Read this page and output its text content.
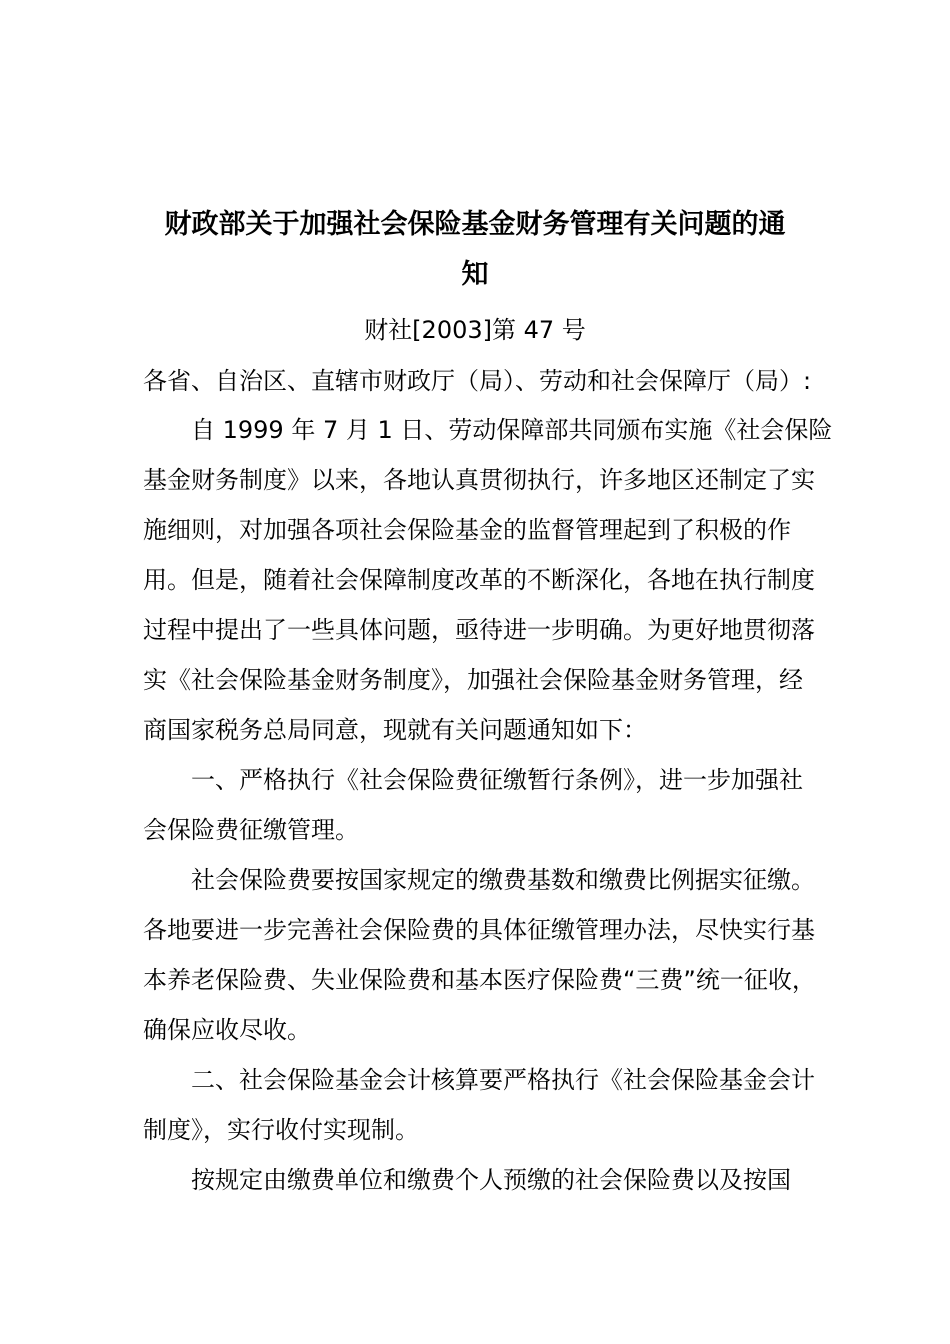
财政部关于加强社会保险基金财务管理有关问题的通
知
财社[2003]第 47 号
各省、自治区、直辖市财政厅（局）、劳动和社会保障厅（局）:
自 1999 年 7 月 1 日、劳动保障部共同颁布实施《社会保险
基金财务制度》以来，各地认真贯彻执行，许多地区还制定了实
施细则，对加强各项社会保险基金的监督管理起到了积极的作
用。但是，随着社会保障制度改革的不断深化，各地在执行制度
过程中提出了一些具体问题，亟待进一步明确。为更好地贯彻落
实《社会保险基金财务制度》，加强社会保险基金财务管理，经
商国家税务总局同意，现就有关问题通知如下：
一、严格执行《社会保险费征缴暂行条例》，进一步加强社
会保险费征缴管理。
社会保险费要按国家规定的缴费基数和缴费比例据实征缴。
各地要进一步完善社会保险费的具体征缴管理办法，尽快实行基
本养老保险费、失业保险费和基本医疗保险费“三费”统一征收，
确保应收尽收。
二、社会保险基金会计核算要严格执行《社会保险基金会计
制度》，实行收付实现制。
按规定由缴费单位和缴费个人预缴的社会保险费以及按国
